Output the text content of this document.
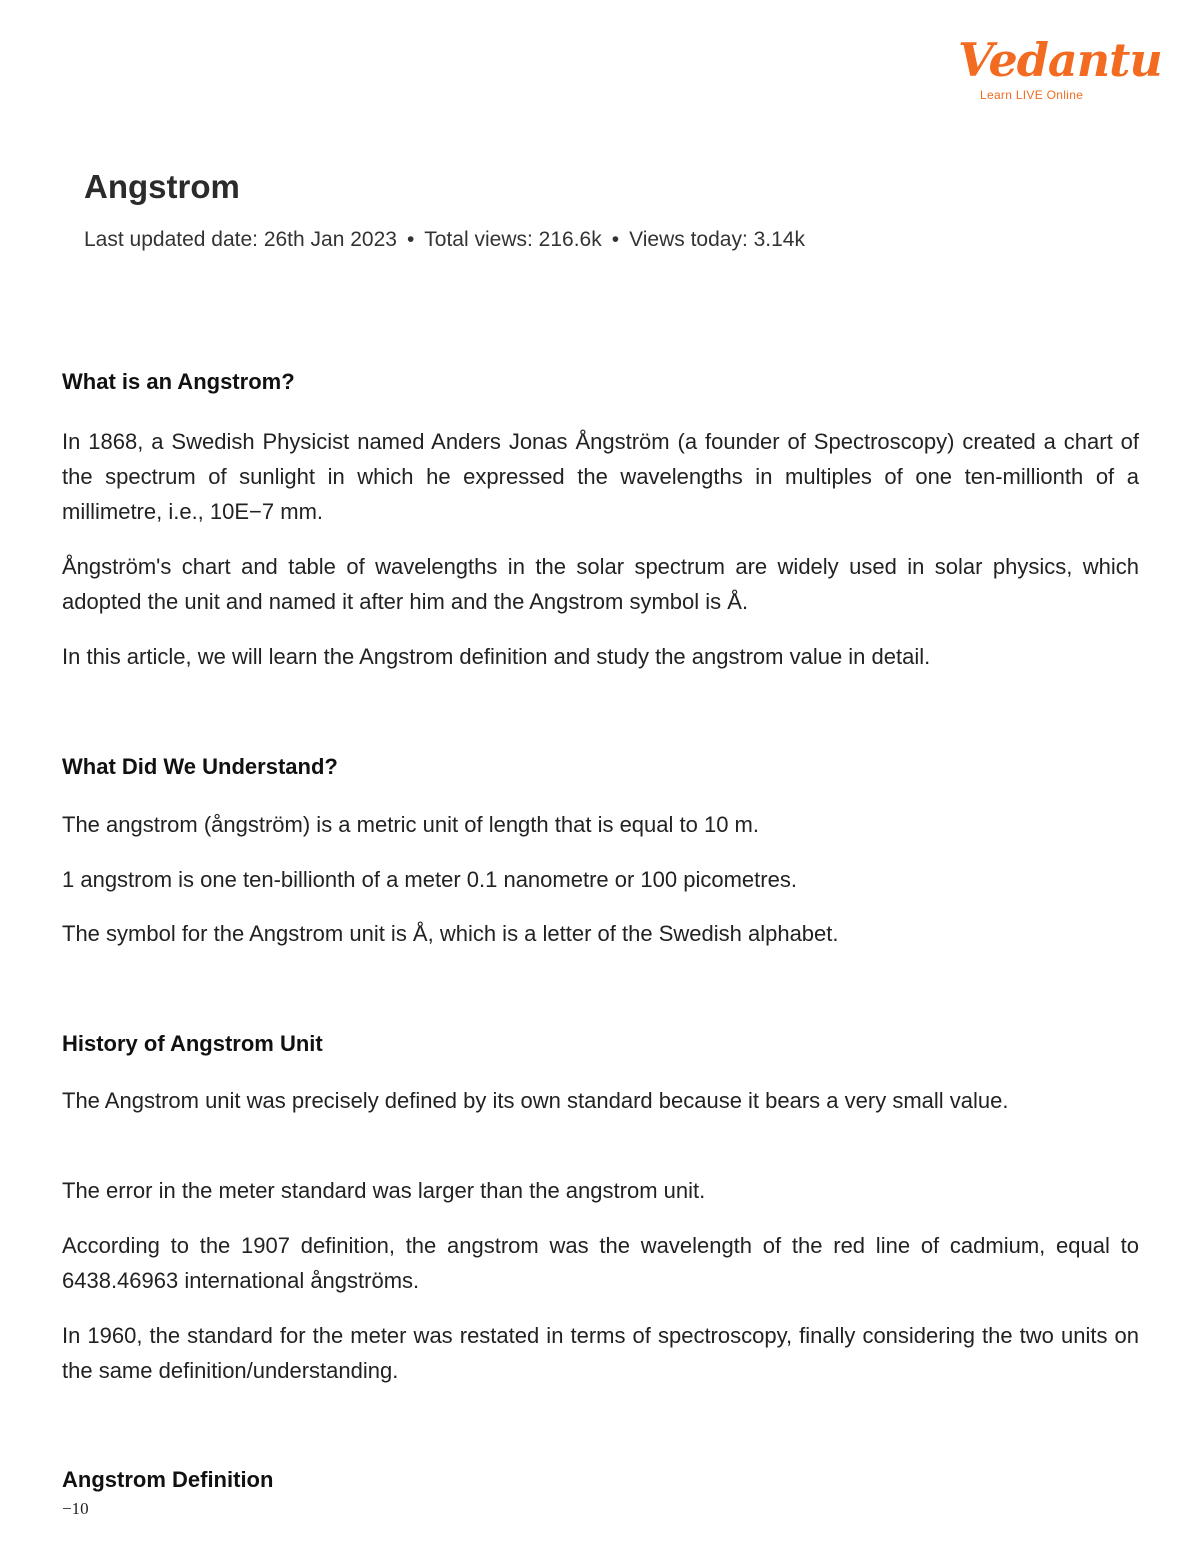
Vedantu
Learn LIVE Online
Angstrom
Last updated date: 26th Jan 2023 • Total views: 216.6k • Views today: 3.14k
What is an Angstrom?

In 1868, a Swedish Physicist named Anders Jonas Ångström (a founder of Spectroscopy) created a chart of the spectrum of sunlight in which he expressed the wavelengths in multiples of one ten-millionth of a millimetre, i.e., 10E−7 mm.

Ångström's chart and table of wavelengths in the solar spectrum are widely used in solar physics, which adopted the unit and named it after him and the Angstrom symbol is Å.

In this article, we will learn the Angstrom definition and study the angstrom value in detail.

What Did We Understand?

The angstrom (ångström) is a metric unit of length that is equal to 10 m.

1 angstrom is one ten-billionth of a meter 0.1 nanometre or 100 picometres.

The symbol for the Angstrom unit is Å, which is a letter of the Swedish alphabet.

History of Angstrom Unit

The Angstrom unit was precisely defined by its own standard because it bears a very small value.

The error in the meter standard was larger than the angstrom unit.

According to the 1907 definition, the angstrom was the wavelength of the red line of cadmium, equal to 6438.46963 international ångströms.

In 1960, the standard for the meter was restated in terms of spectroscopy, finally considering the two units on the same definition/understanding.

Angstrom Definition
−10
